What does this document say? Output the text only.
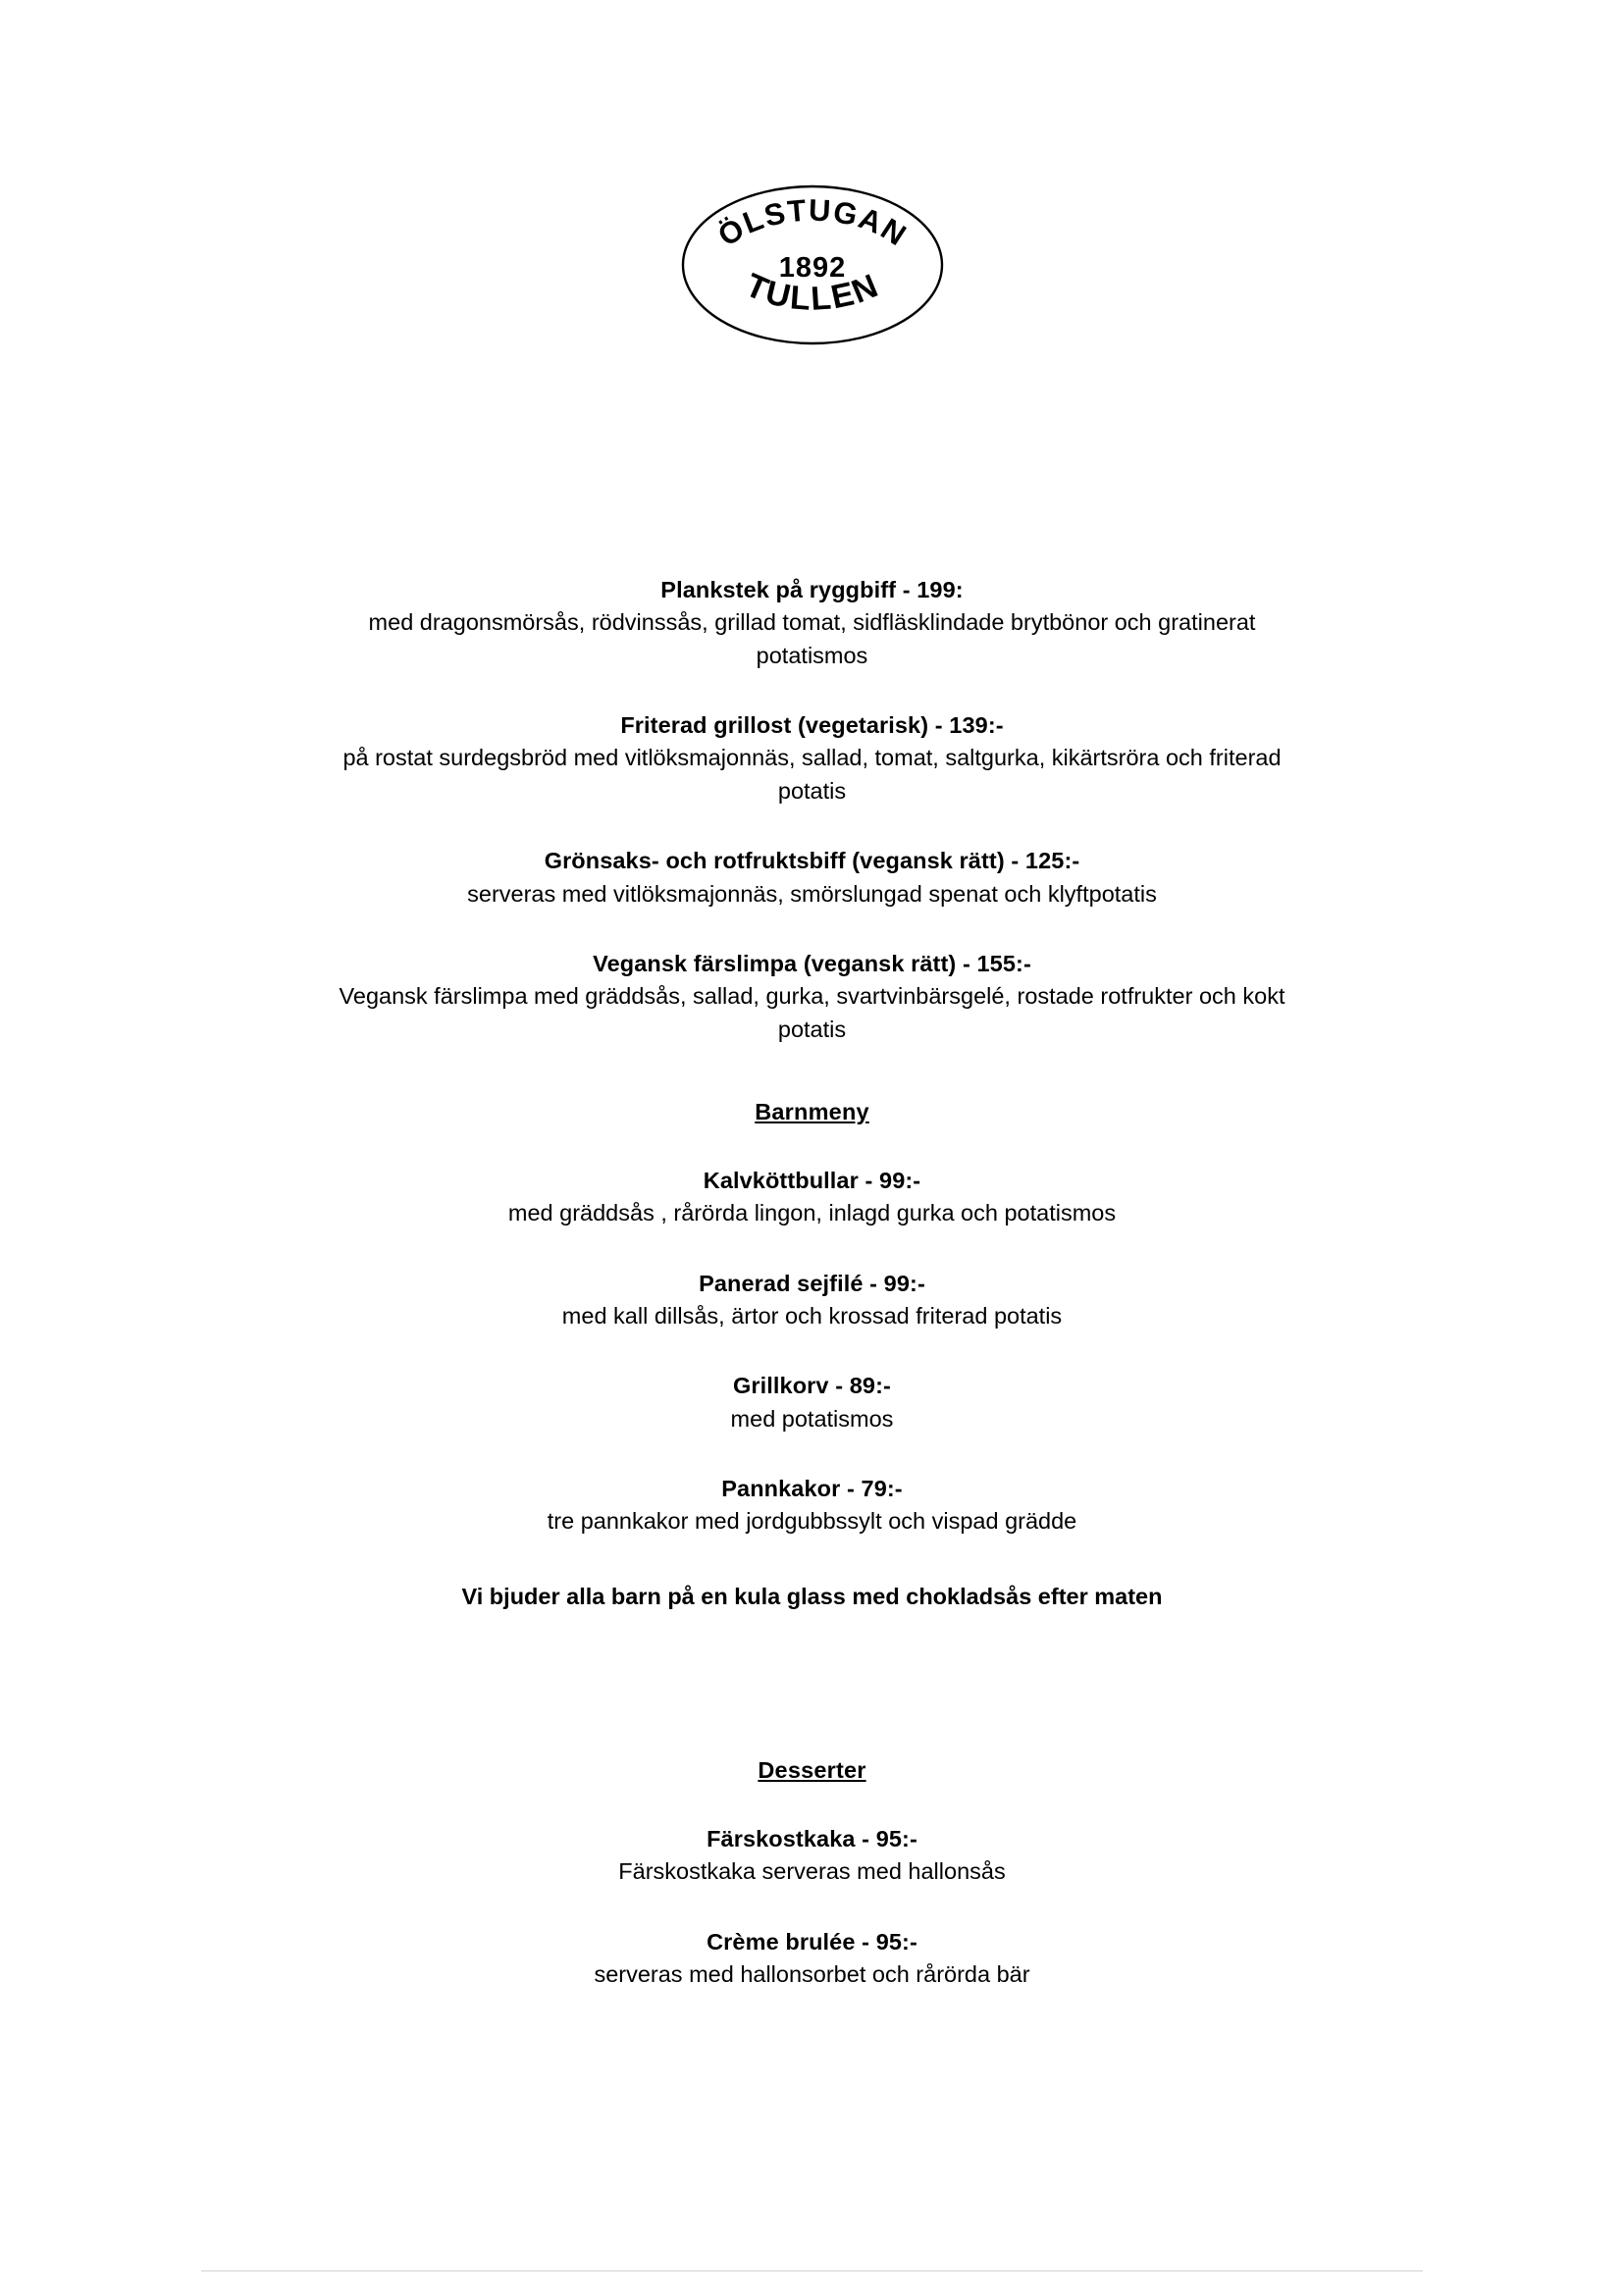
ÖLSTUGAN
1892
TULLEN
Plankstek på ryggbiff - 199:
med dragonsmörsås, rödvinssås, grillad tomat, sidfläsklindade brytbönor och gratinerat potatismos
Friterad grillost (vegetarisk) - 139:-
på rostat surdegsbröd med vitlöksmajonnäs, sallad, tomat, saltgurka, kikärtsröra och friterad potatis
Grönsaks- och rotfruktsbiff (vegansk rätt) - 125:-
serveras med vitlöksmajonnäs, smörslungad spenat och klyftpotatis
Vegansk färslimpa (vegansk rätt) - 155:-
Vegansk färslimpa med gräddsås, sallad, gurka, svartvinbärsgelé, rostade rotfrukter och kokt potatis
Barnmeny
Kalvköttbullar - 99:-
med gräddsås , rårörda lingon, inlagd gurka och potatismos
Panerad sejfilé - 99:-
med kall dillsås, ärtor och krossad friterad potatis
Grillkorv - 89:-
med potatismos
Pannkakor - 79:-
tre pannkakor med jordgubbssylt och vispad grädde
Vi bjuder alla barn på en kula glass med chokladsås efter maten
Desserter
Färskostkaka - 95:-
Färskostkaka serveras med hallonsås
Crème brulée - 95:-
serveras med hallonsorbet och rårörda bär
